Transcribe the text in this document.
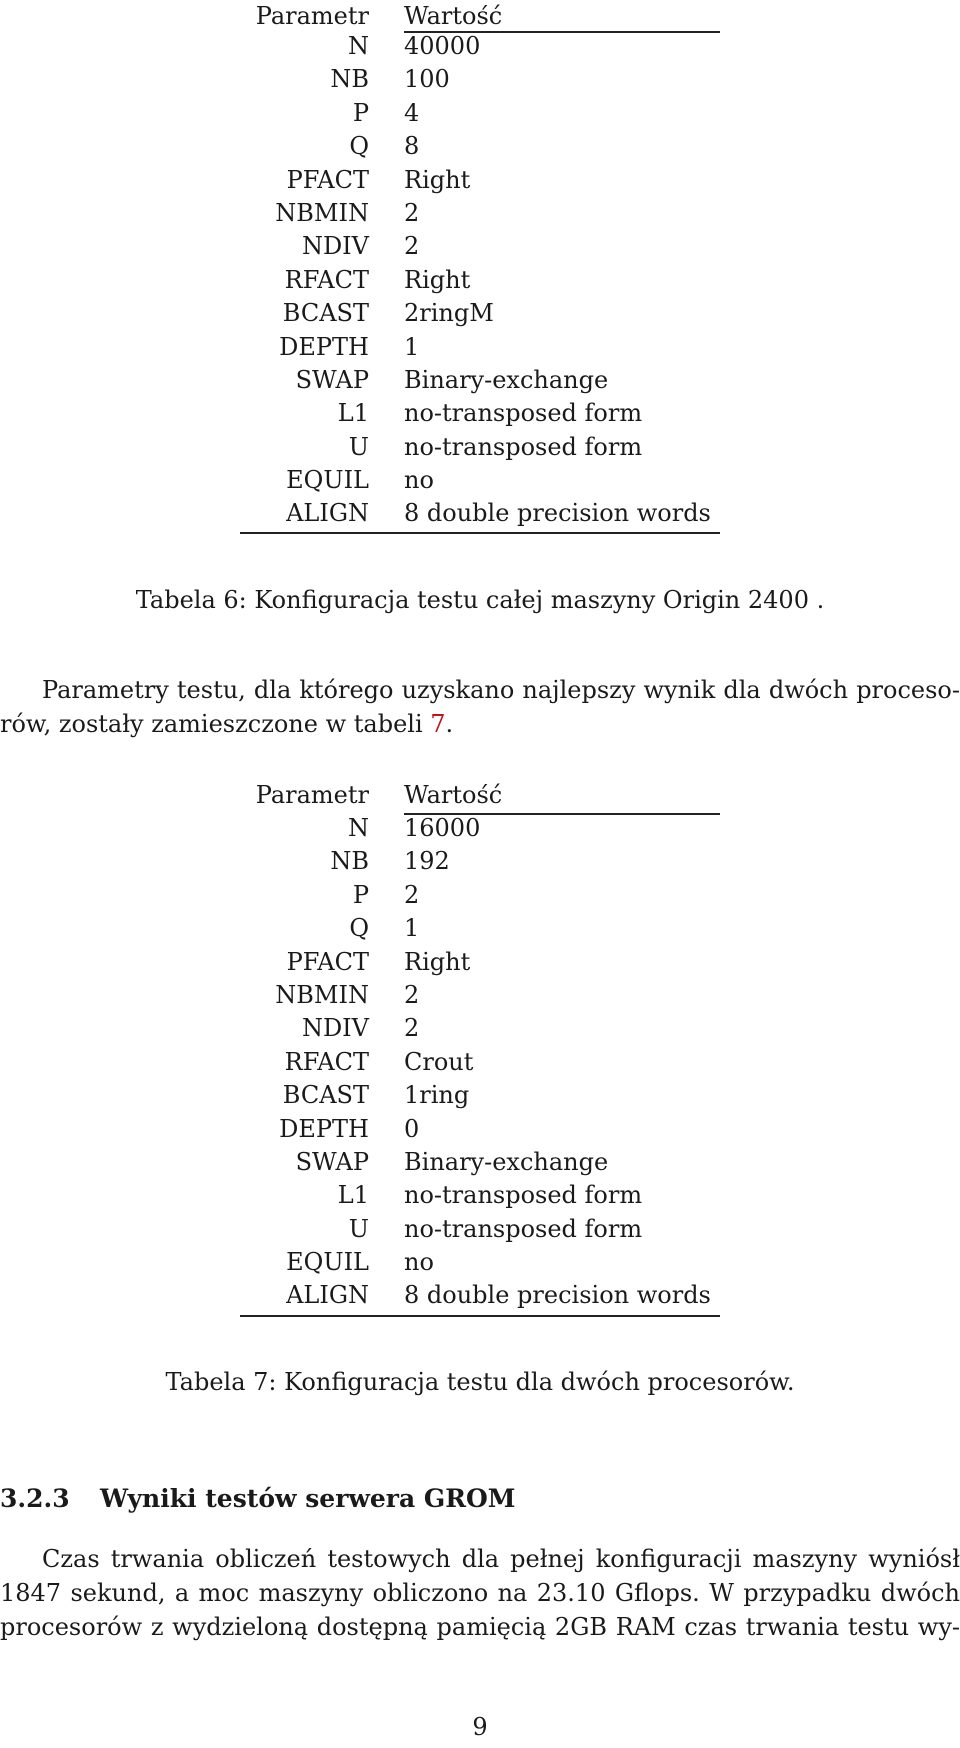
Parametr Wartość
N 40000
NB 100
P 4
Q 8
PFACT Right
NBMIN 2
NDIV 2
RFACT Right
BCAST 2ringM
DEPTH 1
SWAP Binary-exchange
L1 no-transposed form
U no-transposed form
EQUIL no
ALIGN 8 double precision words
Tabela 6: Konfiguracja testu całej maszyny Origin 2400 .
Parametry testu, dla którego uzyskano najlepszy wynik dla dwóch proceso-
rów, zostały zamieszczone w tabeli 7.
Parametr Wartość
N 16000
NB 192
P 2
Q 1
PFACT Right
NBMIN 2
NDIV 2
RFACT Crout
BCAST 1ring
DEPTH 0
SWAP Binary-exchange
L1 no-transposed form
U no-transposed form
EQUIL no
ALIGN 8 double precision words
Tabela 7: Konfiguracja testu dla dwóch procesorów.
3.2.3 Wyniki testów serwera GROM
Czas trwania obliczeń testowych dla pełnej konfiguracji maszyny wyniósł
1847 sekund, a moc maszyny obliczono na 23.10 Gflops. W przypadku dwóch
procesorów z wydzieloną dostępną pamięcią 2GB RAM czas trwania testu wy-
9
